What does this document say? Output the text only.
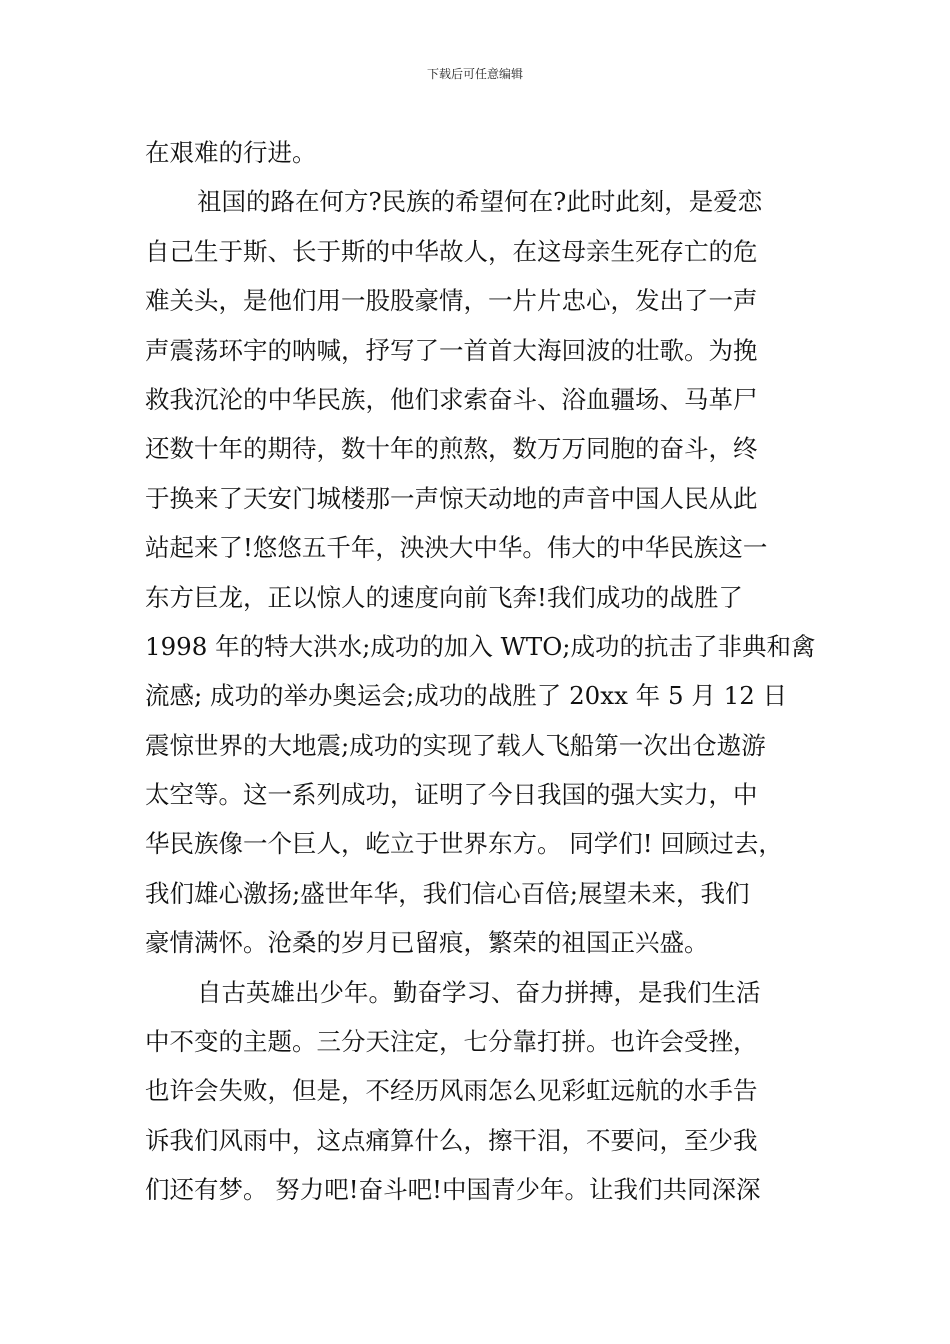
下载后可任意编辑
在艰难的行进。
祖国的路在何方?民族的希望何在?此时此刻，是爱恋
自己生于斯、长于斯的中华故人，在这母亲生死存亡的危
难关头，是他们用一股股豪情，一片片忠心，发出了一声
声震荡环宇的呐喊，抒写了一首首大海回波的壮歌。为挽
救我沉沦的中华民族，他们求索奋斗、浴血疆场、马革尸
还数十年的期待，数十年的煎熬，数万万同胞的奋斗，终
于换来了天安门城楼那一声惊天动地的声音中国人民从此
站起来了!悠悠五千年，泱泱大中华。伟大的中华民族这一
东方巨龙，正以惊人的速度向前飞奔!我们成功的战胜了
1998 年的特大洪水;成功的加入 WTO;成功的抗击了非典和禽
流感; 成功的举办奥运会;成功的战胜了 20xx 年 5 月 12 日
震惊世界的大地震;成功的实现了载人飞船第一次出仓遨游
太空等。这一系列成功，证明了今日我国的强大实力，中
华民族像一个巨人，屹立于世界东方。 同学们! 回顾过去，
我们雄心激扬;盛世年华，我们信心百倍;展望未来，我们
豪情满怀。沧桑的岁月已留痕，繁荣的祖国正兴盛。
自古英雄出少年。勤奋学习、奋力拼搏，是我们生活
中不变的主题。三分天注定，七分靠打拼。也许会受挫，
也许会失败，但是，不经历风雨怎么见彩虹远航的水手告
诉我们风雨中，这点痛算什么，擦干泪，不要问，至少我
们还有梦。 努力吧!奋斗吧!中国青少年。让我们共同深深
